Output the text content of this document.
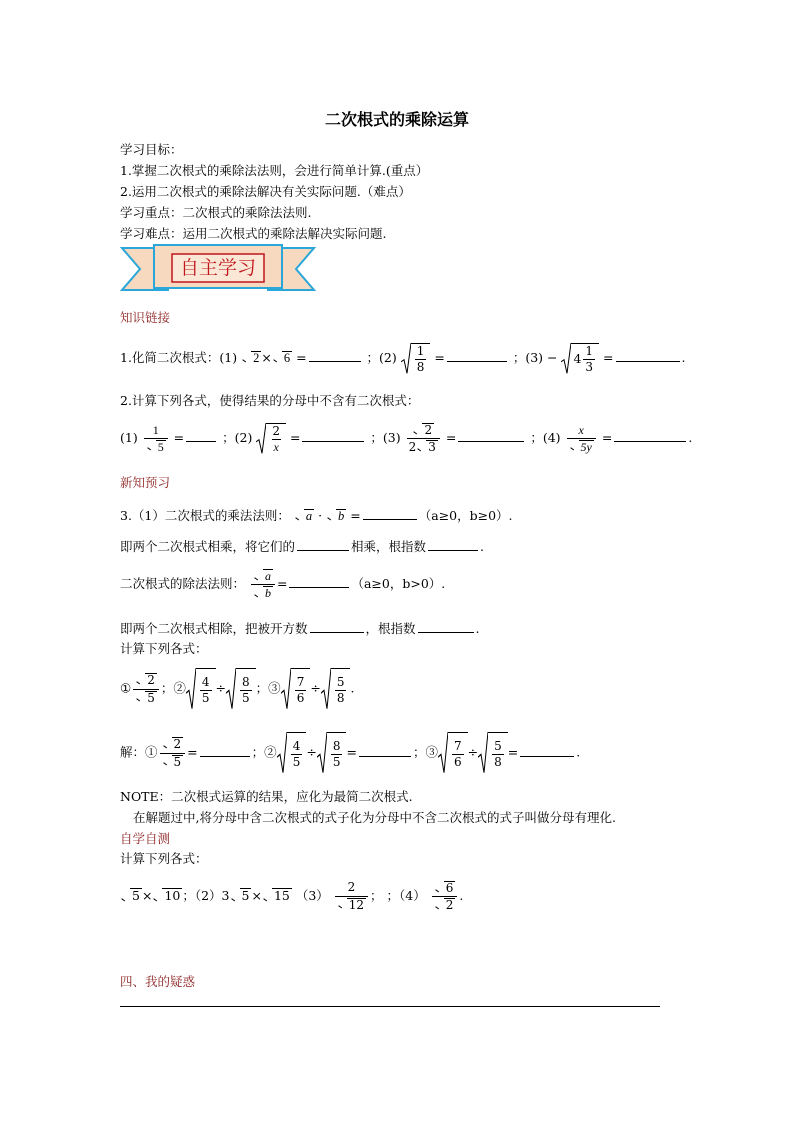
二次根式的乘除运算
学习目标：
1.掌握二次根式的乘除法法则，会进行简单计算.(重点）
2.运用二次根式的乘除法解决有关实际问题.（难点）
学习重点：二次根式的乘除法法则.
学习难点：运用二次根式的乘除法解决实际问题.
自主学习
知识链接
1.化简二次根式：(1) 2 × 6 =	；$(2) \frac{1}{8}$ =	；$(3) - 4 \frac{1}{3}$ =	.
2.计算下列各式，使得结果的分母中不含有二次根式：
$(1) \frac{1}{5}$ =	；$(2) \frac{2}{x}$ =	；$(3) \frac{2}{2 3}$ =	；$(4) \frac{x}{5y}$ =	.
新知预习
3.（1）二次根式的乘法法则： a · b =	（a≥0，b≥0）.
即两个二次根式相乘，将它们的	相乘，根指数	.
二次根式的除法法则： $\frac{a}{b}$ =	（a≥0，b>0）.
即两个二次根式相除，把被开方数	，根指数	.
计算下列各式：
① $\frac{2}{5}$ ；② $\frac{4}{5} \div \frac{8}{5}$ ；③ $\frac{7}{6} \div \frac{5}{8}$ .
解：① $\frac{2}{5}$ =	；② $\frac{4}{5} \div \frac{8}{5}$ =	；③ $\frac{7}{6} \div \frac{5}{8}$ =	.
NOTE：二次根式运算的结果，应化为最简二次根式.
在解题过中,将分母中含二次根式的式子化为分母中不含二次根式的式子叫做分母有理化.
自学自测
计算下列各式：
5 × 10 ；（2）3 5 × 15 $(3) \frac{2}{12}$ ； ；$(4) \frac{6}{2}$ .
四、我的疑惑
